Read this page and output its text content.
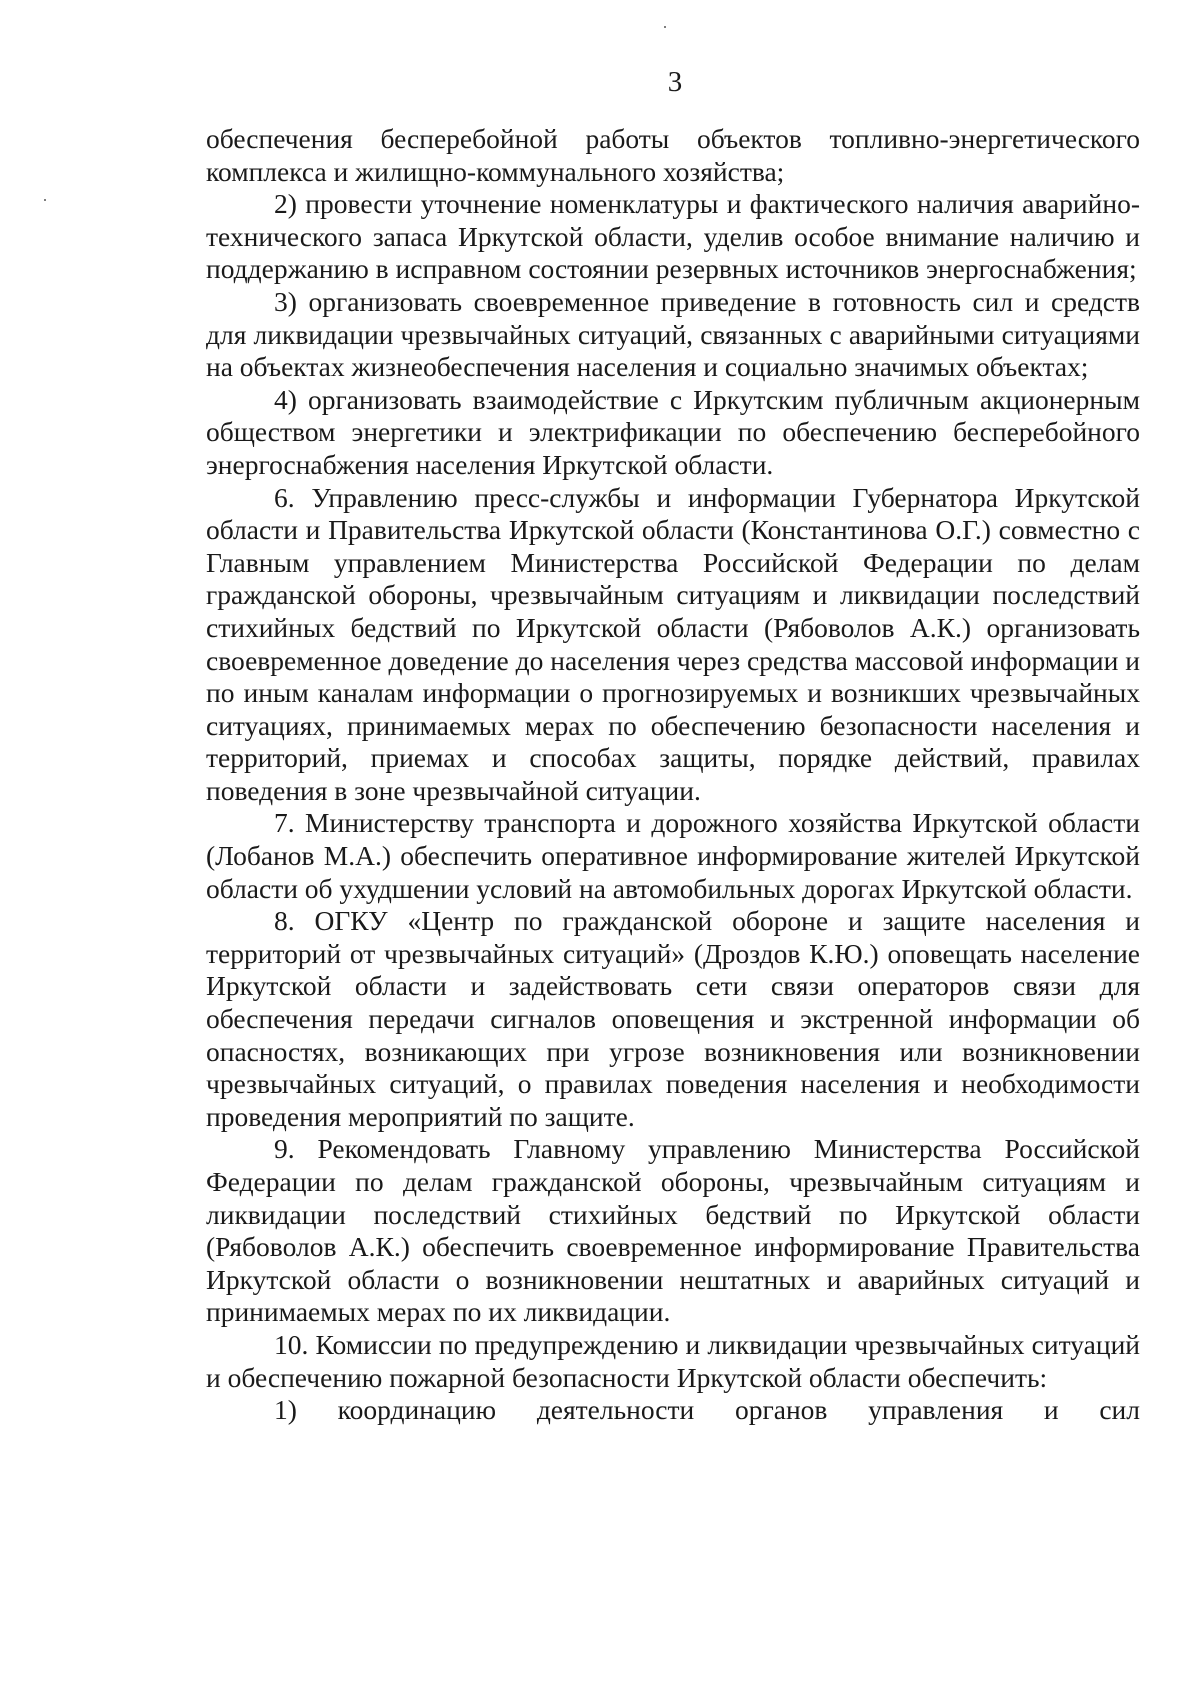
3

обеспечения бесперебойной работы объектов топливно-энергетического комплекса и жилищно-коммунального хозяйства;

2) провести уточнение номенклатуры и фактического наличия аварийно-технического запаса Иркутской области, уделив особое внимание наличию и поддержанию в исправном состоянии резервных источников энергоснабжения;

3) организовать своевременное приведение в готовность сил и средств для ликвидации чрезвычайных ситуаций, связанных с аварийными ситуациями на объектах жизнеобеспечения населения и социально значимых объектах;

4) организовать взаимодействие с Иркутским публичным акционерным обществом энергетики и электрификации по обеспечению бесперебойного энергоснабжения населения Иркутской области.

6. Управлению пресс-службы и информации Губернатора Иркутской области и Правительства Иркутской области (Константинова О.Г.) совместно с Главным управлением Министерства Российской Федерации по делам гражданской обороны, чрезвычайным ситуациям и ликвидации последствий стихийных бедствий по Иркутской области (Рябоволов А.К.) организовать своевременное доведение до населения через средства массовой информации и по иным каналам информации о прогнозируемых и возникших чрезвычайных ситуациях, принимаемых мерах по обеспечению безопасности населения и территорий, приемах и способах защиты, порядке действий, правилах поведения в зоне чрезвычайной ситуации.

7. Министерству транспорта и дорожного хозяйства Иркутской области (Лобанов М.А.) обеспечить оперативное информирование жителей Иркутской области об ухудшении условий на автомобильных дорогах Иркутской области.

8. ОГКУ «Центр по гражданской обороне и защите населения и территорий от чрезвычайных ситуаций» (Дроздов К.Ю.) оповещать население Иркутской области и задействовать сети связи операторов связи для обеспечения передачи сигналов оповещения и экстренной информации об опасностях, возникающих при угрозе возникновения или возникновении чрезвычайных ситуаций, о правилах поведения населения и необходимости проведения мероприятий по защите.

9. Рекомендовать Главному управлению Министерства Российской Федерации по делам гражданской обороны, чрезвычайным ситуациям и ликвидации последствий стихийных бедствий по Иркутской области (Рябоволов А.К.) обеспечить своевременное информирование Правительства Иркутской области о возникновении нештатных и аварийных ситуаций и принимаемых мерах по их ликвидации.

10. Комиссии по предупреждению и ликвидации чрезвычайных ситуаций и обеспечению пожарной безопасности Иркутской области обеспечить:

1) координацию деятельности органов управления и сил
